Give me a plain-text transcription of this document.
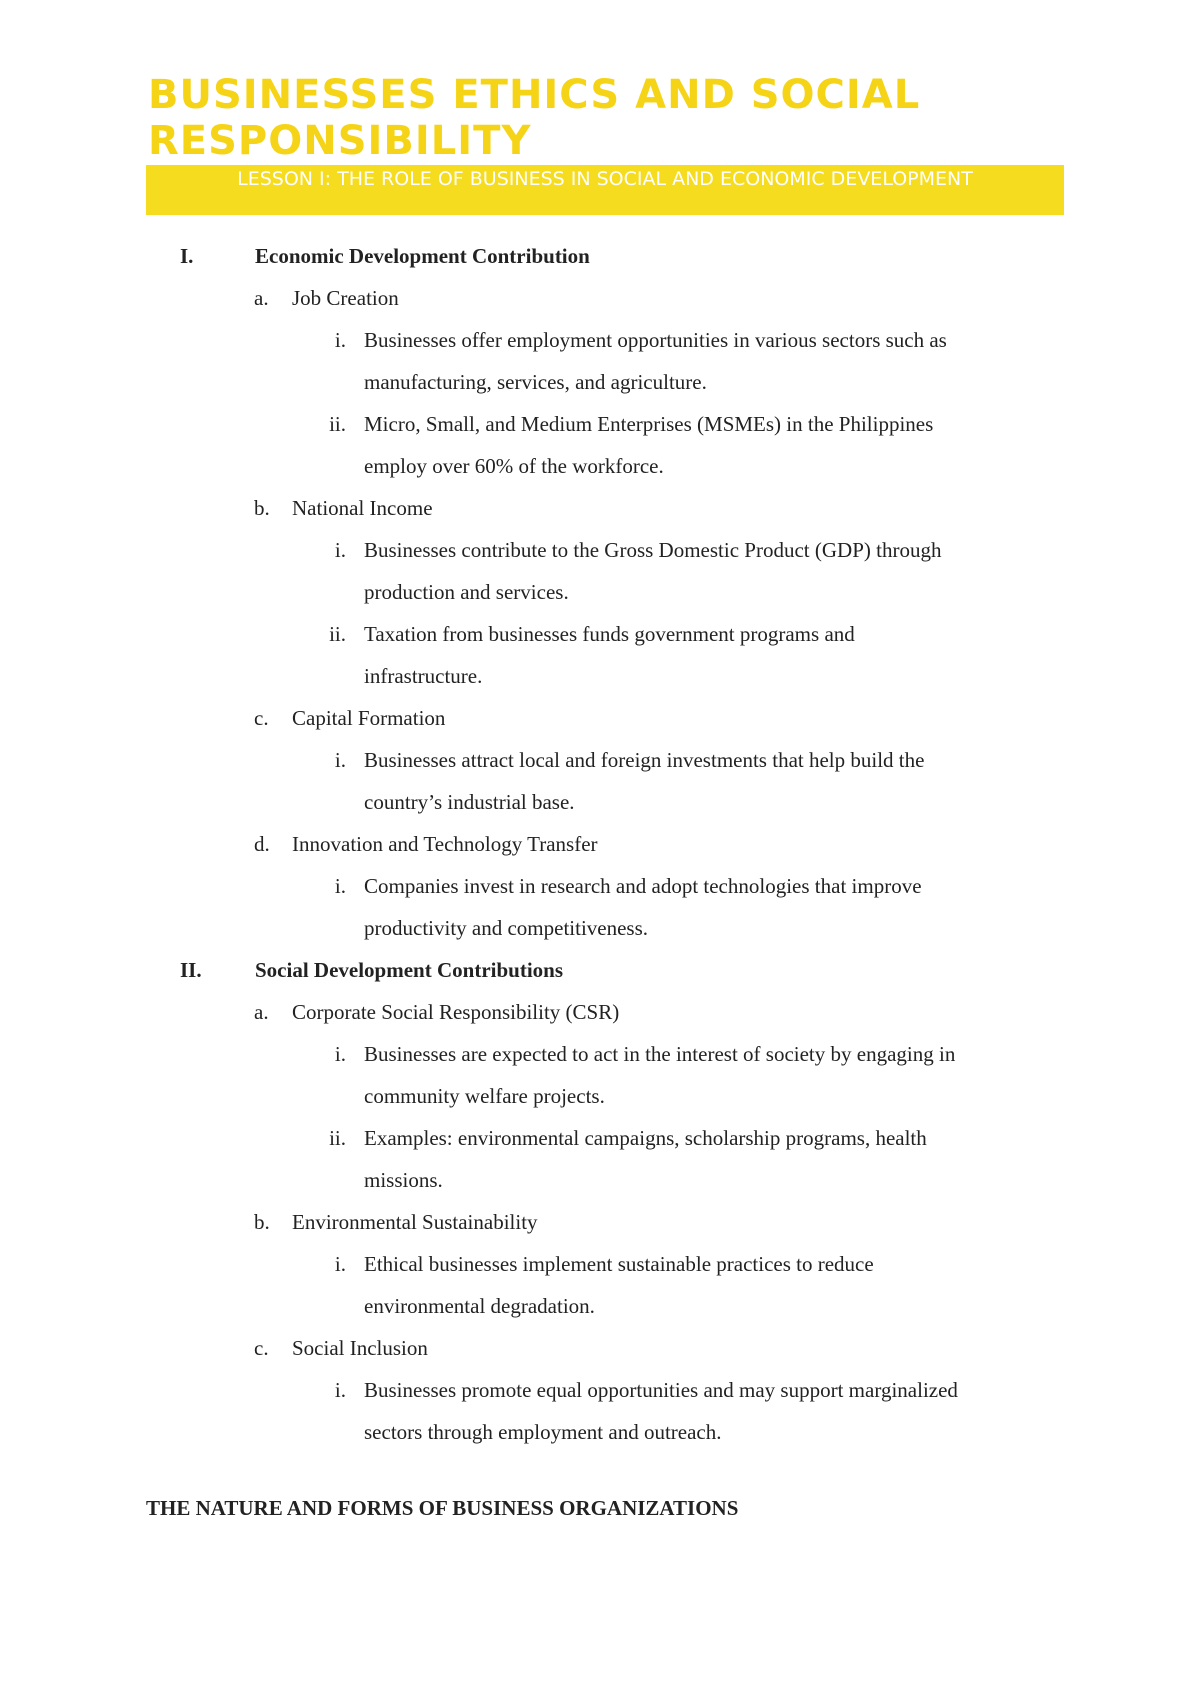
BUSINESSES ETHICS AND SOCIAL RESPONSIBILITY
LESSON I: THE ROLE OF BUSINESS IN SOCIAL AND ECONOMIC DEVELOPMENT
I.	Economic Development Contribution
a. Job Creation
i. Businesses offer employment opportunities in various sectors such as
manufacturing, services, and agriculture.
ii. Micro, Small, and Medium Enterprises (MSMEs) in the Philippines
employ over 60% of the workforce.
b. National Income
i. Businesses contribute to the Gross Domestic Product (GDP) through
production and services.
ii. Taxation from businesses funds government programs and
infrastructure.
c. Capital Formation
i. Businesses attract local and foreign investments that help build the
country’s industrial base.
d. Innovation and Technology Transfer
i. Companies invest in research and adopt technologies that improve
productivity and competitiveness.
II.	Social Development Contributions
a. Corporate Social Responsibility (CSR)
i. Businesses are expected to act in the interest of society by engaging in
community welfare projects.
ii. Examples: environmental campaigns, scholarship programs, health
missions.
b. Environmental Sustainability
i. Ethical businesses implement sustainable practices to reduce
environmental degradation.
c. Social Inclusion
i. Businesses promote equal opportunities and may support marginalized
sectors through employment and outreach.
THE NATURE AND FORMS OF BUSINESS ORGANIZATIONS
